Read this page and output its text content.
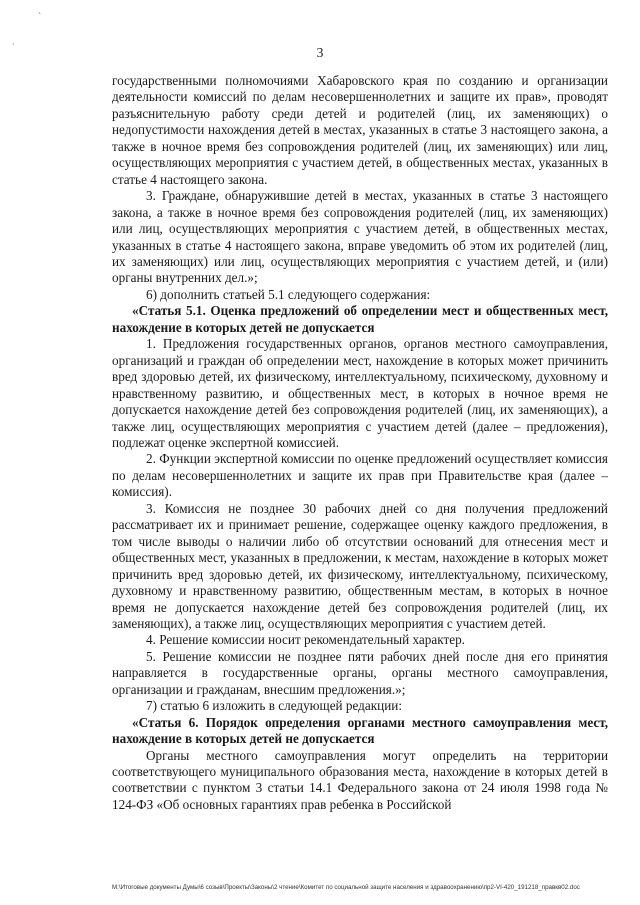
`
·
3

государственными полномочиями Хабаровского края по созданию и организации деятельности комиссий по делам несовершеннолетних и защите их прав», проводят разъяснительную работу среди детей и родителей (лиц, их заменяющих) о недопустимости нахождения детей в местах, указанных в статье 3 настоящего закона, а также в ночное время без сопровождения родителей (лиц, их заменяющих) или лиц, осуществляющих мероприятия с участием детей, в общественных местах, указанных в статье 4 настоящего закона.

3. Граждане, обнаружившие детей в местах, указанных в статье 3 настоящего закона, а также в ночное время без сопровождения родителей (лиц, их заменяющих) или лиц, осуществляющих мероприятия с участием детей, в общественных местах, указанных в статье 4 настоящего закона, вправе уведомить об этом их родителей (лиц, их заменяющих) или лиц, осуществляющих мероприятия с участием детей, и (или) органы внутренних дел.»;

6) дополнить статьей 5.1 следующего содержания:

«Статья 5.1. Оценка предложений об определении мест и общественных мест, нахождение в которых детей не допускается

1. Предложения государственных органов, органов местного самоуправления, организаций и граждан об определении мест, нахождение в которых может причинить вред здоровью детей, их физическому, интеллектуальному, психическому, духовному и нравственному развитию, и общественных мест, в которых в ночное время не допускается нахождение детей без сопровождения родителей (лиц, их заменяющих), а также лиц, осуществляющих мероприятия с участием детей (далее – предложения), подлежат оценке экспертной комиссией.

2. Функции экспертной комиссии по оценке предложений осуществляет комиссия по делам несовершеннолетних и защите их прав при Правительстве края (далее – комиссия).

3. Комиссия не позднее 30 рабочих дней со дня получения предложений рассматривает их и принимает решение, содержащее оценку каждого предложения, в том числе выводы о наличии либо об отсутствии оснований для отнесения мест и общественных мест, указанных в предложении, к местам, нахождение в которых может причинить вред здоровью детей, их физическому, интеллектуальному, психическому, духовному и нравственному развитию, общественным местам, в которых в ночное время не допускается нахождение детей без сопровождения родителей (лиц, их заменяющих), а также лиц, осуществляющих мероприятия с участием детей.

4. Решение комиссии носит рекомендательный характер.

5. Решение комиссии не позднее пяти рабочих дней после дня его принятия направляется в государственные органы, органы местного самоуправления, организации и гражданам, внесшим предложения.»;

7) статью 6 изложить в следующей редакции:

«Статья 6. Порядок определения органами местного самоуправления мест, нахождение в которых детей не допускается

Органы местного самоуправления могут определить на территории соответствующего муниципального образования места, нахождение в которых детей в соответствии с пунктом 3 статьи 14.1 Федерального закона от 24 июля 1998 года № 124-ФЗ «Об основных гарантиях прав ребенка в Российской

M:\Итоговые документы Думы\6 созыв\Проекты\Законы\2 чтение\Комитет по социальной защите населения и здравоохранению\пр2-VI-420_191218_правкв02.doc
